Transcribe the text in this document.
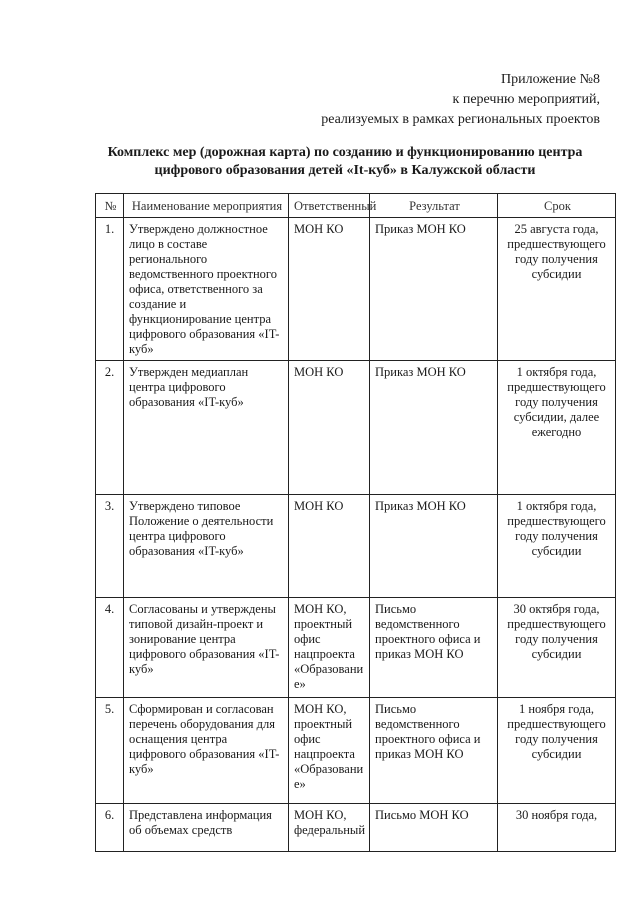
Приложение №8
к перечню мероприятий,
реализуемых в рамках региональных проектов
Комплекс мер (дорожная карта) по созданию и функционированию центра
цифрового образования детей «It-куб» в Калужской области
№	Наименование мероприятия	Ответственный	Результат	Срок
1.	Утверждено должностное лицо в составе регионального ведомственного проектного офиса, ответственного за создание и функционирование центра цифрового образования «IT-куб»	МОН КО	Приказ МОН КО	25 августа года, предшествующего году получения субсидии
2.	Утвержден медиаплан центра цифрового образования «IT-куб»	МОН КО	Приказ МОН КО	1 октября года, предшествующего году получения субсидии, далее ежегодно
3.	Утверждено типовое Положение о деятельности центра цифрового образования «IT-куб»	МОН КО	Приказ МОН КО	1 октября года, предшествующего году получения субсидии
4.	Согласованы и утверждены типовой дизайн-проект и зонирование центра цифрового образования «IT-куб»	МОН КО, проектный офис нацпроекта «Образование»	Письмо ведомственного проектного офиса и приказ МОН КО	30 октября года, предшествующего году получения субсидии
5.	Сформирован и согласован перечень оборудования для оснащения центра цифрового образования «IT-куб»	МОН КО, проектный офис нацпроекта «Образование»	Письмо ведомственного проектного офиса и приказ МОН КО	1 ноября года, предшествующего году получения субсидии
6.	Представлена информация об объемах средств	МОН КО, федеральный	Письмо МОН КО	30 ноября года,
